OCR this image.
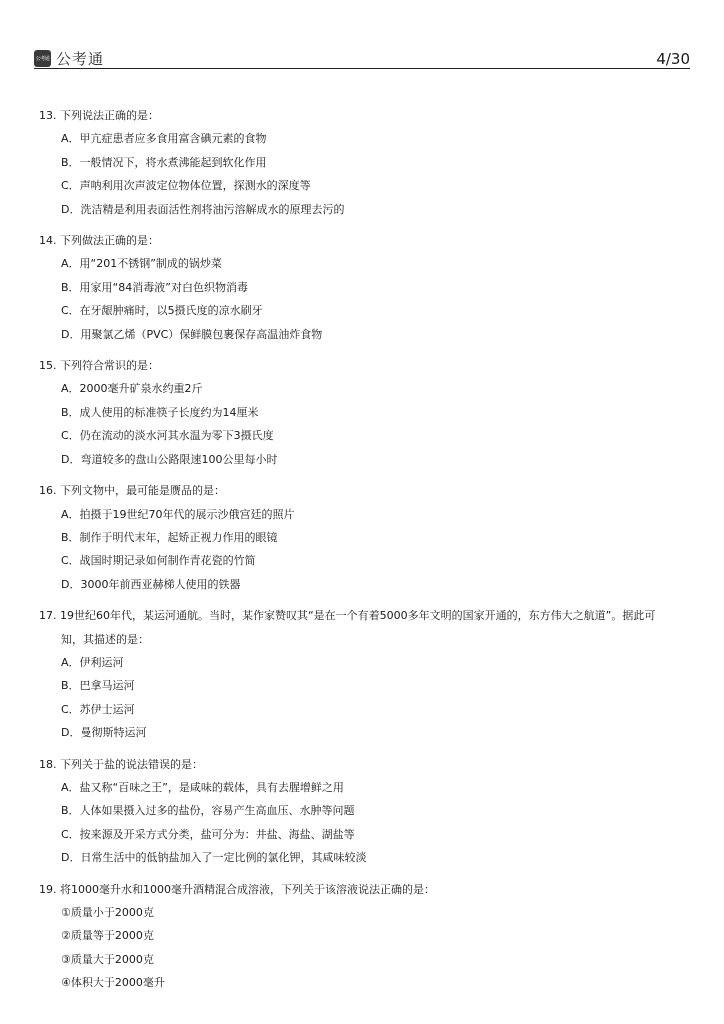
公考通 公考通	4/30
13. 下列说法正确的是：
A．甲亢症患者应多食用富含碘元素的食物
B．一般情况下，将水煮沸能起到软化作用
C．声呐利用次声波定位物体位置，探测水的深度等
D．洗洁精是利用表面活性剂将油污溶解成水的原理去污的
14. 下列做法正确的是：
A．用“201不锈钢”制成的锅炒菜
B．用家用“84消毒液”对白色织物消毒
C．在牙龈肿痛时，以5摄氏度的凉水刷牙
D．用聚氯乙烯（PVC）保鲜膜包裹保存高温油炸食物
15. 下列符合常识的是：
A．2000毫升矿泉水约重2斤
B．成人使用的标准筷子长度约为14厘米
C．仍在流动的淡水河其水温为零下3摄氏度
D．弯道较多的盘山公路限速100公里每小时
16. 下列文物中，最可能是赝品的是：
A．拍摄于19世纪70年代的展示沙俄宫廷的照片
B．制作于明代末年，起矫正视力作用的眼镜
C．战国时期记录如何制作青花瓷的竹简
D．3000年前西亚赫梯人使用的铁器
17. 19世纪60年代，某运河通航。当时，某作家赞叹其“是在一个有着5000多年文明的国家开通的，东方伟大之航道”。据此可
知，其描述的是：
A．伊利运河
B．巴拿马运河
C．苏伊士运河
D．曼彻斯特运河
18. 下列关于盐的说法错误的是：
A．盐又称“百味之王”，是咸味的载体，具有去腥增鲜之用
B．人体如果摄入过多的盐份，容易产生高血压、水肿等问题
C．按来源及开采方式分类，盐可分为：井盐、海盐、湖盐等
D．日常生活中的低钠盐加入了一定比例的氯化钾，其咸味较淡
19. 将1000毫升水和1000毫升酒精混合成溶液，下列关于该溶液说法正确的是：
①质量小于2000克
②质量等于2000克
③质量大于2000克
④体积大于2000毫升
